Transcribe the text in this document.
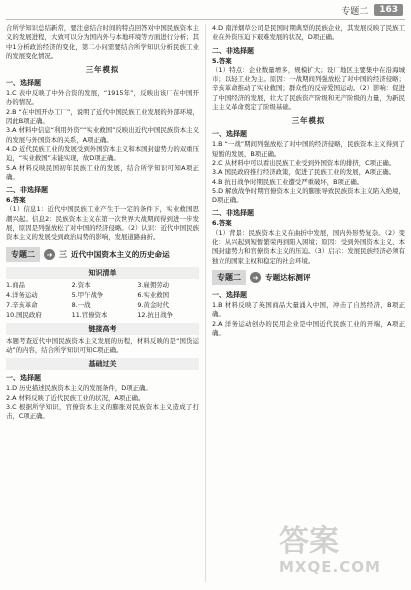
专题二	163

合所学知识总结新常，要注意结合时间的特点回答对中国民族资本主义的发展进程，大致可以分为国内外与本地环境等方面进行分析；其中1分析政治经济的变化，第二小问需要结合所学知识分析民族工业的发展变化情况。

三年模拟
一、选择题

1.C 表中反映了中外合资的发展，“1915年”，反映出该厂在中国开办的情况。

2.B “在中国开办工厂”，说明了近代中国民族工业发展的外部环境，因此B项正确。

3.A 材料中信息“利用外资”“实业救国”反映出近代中国民族资本主义的发展与外国资本的关系，A项正确。

4.D 近代民族工业的发展受到外国资本主义和本国封建势力的双重压迫，“实业救国”未能实现，故D项正确。

5.A 材料反映民国初年民族工业的发展，结合所学知识可知A项正确。

二、非选择题

6.答案

（1）信息1：近代中国民族工业产生于一定的条件下，实业救国思潮兴起。信息2：民族资本主义在第一次世界大战期间得到进一步发展，原因是列强放松了对中国的经济侵略。（2）认识：近代中国民族资本主义的发展受到政治局势的影响，发展道路曲折。

专题二	➜ 三 近代中国资本主义的历史命运
知识清单
1.商品	2.资本	3.雇佣劳动
4.洋务运动	5.甲午战争	6.实业救国
7.辛亥革命	8.一战	9.黄金时代
10.国民政府	11.官僚资本	12.抗日战争
链接高考

本题考查近代中国民族资本主义发展的历程，材料反映的是“国货运动”的内容，结合所学知识可知C项正确。

基础过关
一、选择题

1.D 历史描述民族资本主义的发展条件，D项正确。

2.A 材料反映了近代民族工业的状况，A项正确。

3.C 根据所学知识，官僚资本主义的膨胀对民族资本主义造成了打击，C项正确。

4.D 南洋烟草公司是民国时期典型的民族企业，其发展反映了民族工业在外资压迫下艰难发展的状况，D项正确。

二、非选择题

5.答案

（1）特点：企业数量增多，规模扩大；设厂地区主要集中在沿海城市；以轻工业为主。原因：一战期间列强放松了对中国的经济侵略；辛亥革命推动了实业救国；群众性的反帝爱国运动。（2）影响：促进了中国经济的发展，壮大了民族资产阶级和无产阶级的力量，为新民主主义革命奠定了阶级基础。

三年模拟
一、选择题

1.B “一战”期间列强放松了对中国的经济侵略，民族资本主义得到了短暂的发展，B项正确。

2.C 从材料中可以看出民族工业受到外国资本的排挤，C项正确。

3.A 国民政府推行经济政策，促进了民族工业的发展，A项正确。

4.B 抗日战争时期民族工业遭受严重破坏，B项正确。

5.D 解放战争时期官僚资本主义的膨胀导致民族资本主义陷入绝境，D项正确。

二、非选择题

6.答案

（1）背景：民族资本主义在曲折中发展，国内外形势复杂。（2）变化：从兴起到短暂繁荣再到陷入困境；原因：受到外国资本主义、本国封建势力和官僚资本主义的压迫。（3）启示：发展民族经济必须有独立的国家主权和稳定的社会环境。

专题二	➜ 专题达标测评
一、选择题

1.B 材料反映了英国商品大量涌入中国，冲击了自然经济，B项正确。

2.A 洋务运动创办的民用企业是中国近代民族工业的开端，A项正确。

答案
MXQE.COM
